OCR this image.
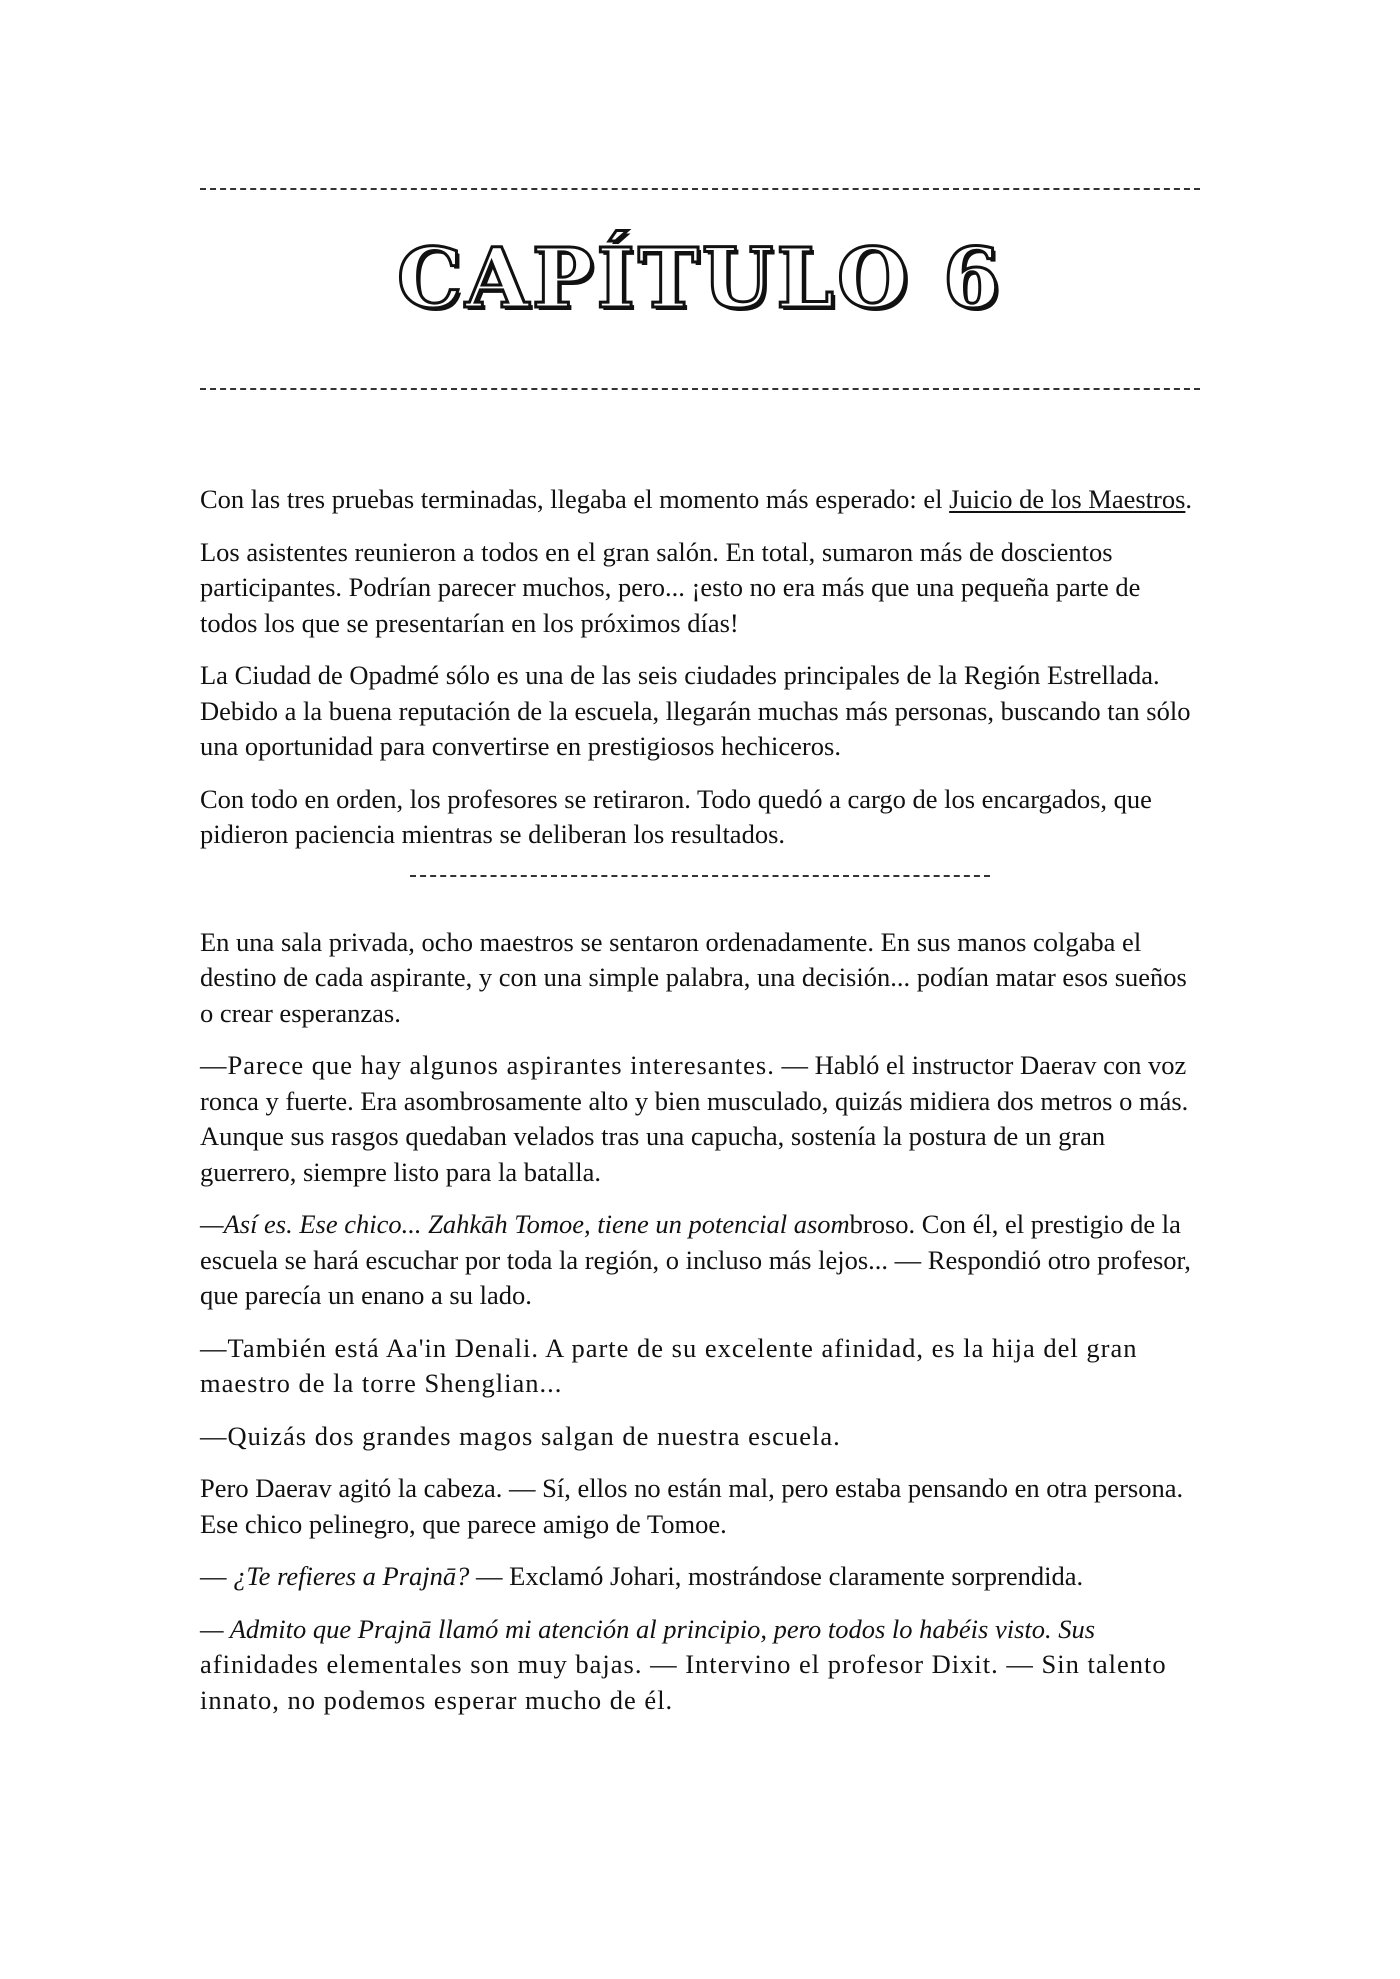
CAPÍTULO 6

Con las tres pruebas terminadas, llegaba el momento más esperado: el Juicio de los Maestros.

Los asistentes reunieron a todos en el gran salón. En total, sumaron más de doscientos participantes. Podrían parecer muchos, pero... ¡esto no era más que una pequeña parte de todos los que se presentarían en los próximos días!

La Ciudad de Opadmé sólo es una de las seis ciudades principales de la Región Estrellada. Debido a la buena reputación de la escuela, llegarán muchas más personas, buscando tan sólo una oportunidad para convertirse en prestigiosos hechiceros.

Con todo en orden, los profesores se retiraron. Todo quedó a cargo de los encargados, que pidieron paciencia mientras se deliberan los resultados.

En una sala privada, ocho maestros se sentaron ordenadamente. En sus manos colgaba el destino de cada aspirante, y con una simple palabra, una decisión... podían matar esos sueños o crear esperanzas.

—Parece que hay algunos aspirantes interesantes. — Habló el instructor Daerav con voz ronca y fuerte. Era asombrosamente alto y bien musculado, quizás midiera dos metros o más. Aunque sus rasgos quedaban velados tras una capucha, sostenía la postura de un gran guerrero, siempre listo para la batalla.

—Así es. Ese chico... Zahkāh Tomoe, tiene un potencial asombroso. Con él, el prestigio de la escuela se hará escuchar por toda la región, o incluso más lejos... — Respondió otro profesor, que parecía un enano a su lado.

—También está Aa'in Denali. A parte de su excelente afinidad, es la hija del gran maestro de la torre Shenglian...

—Quizás dos grandes magos salgan de nuestra escuela.

Pero Daerav agitó la cabeza. — Sí, ellos no están mal, pero estaba pensando en otra persona. Ese chico pelinegro, que parece amigo de Tomoe.

— ¿Te refieres a Prajnā? — Exclamó Johari, mostrándose claramente sorprendida.

— Admito que Prajnā llamó mi atención al principio, pero todos lo habéis visto. Sus afinidades elementales son muy bajas. — Intervino el profesor Dixit. — Sin talento innato, no podemos esperar mucho de él.
